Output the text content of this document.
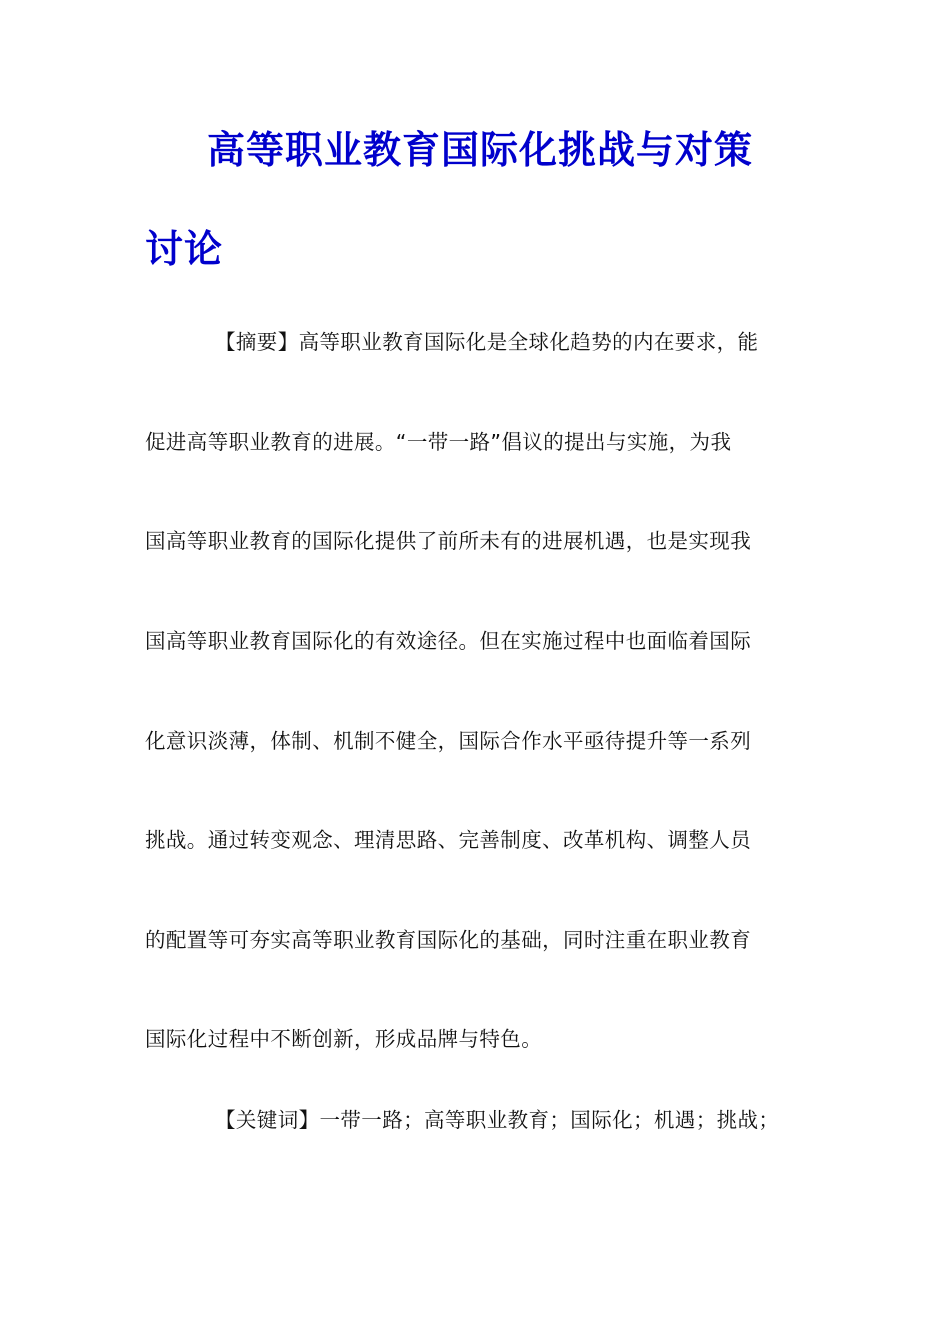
高等职业教育国际化挑战与对策
讨论
【摘要】高等职业教育国际化是全球化趋势的内在要求，能
促进高等职业教育的进展。“一带一路”倡议的提出与实施，为我
国高等职业教育的国际化提供了前所未有的进展机遇，也是实现我
国高等职业教育国际化的有效途径。但在实施过程中也面临着国际
化意识淡薄，体制、机制不健全，国际合作水平亟待提升等一系列
挑战。通过转变观念、理清思路、完善制度、改革机构、调整人员
的配置等可夯实高等职业教育国际化的基础，同时注重在职业教育
国际化过程中不断创新，形成品牌与特色。
【关键词】一带一路；高等职业教育；国际化；机遇；挑战；
